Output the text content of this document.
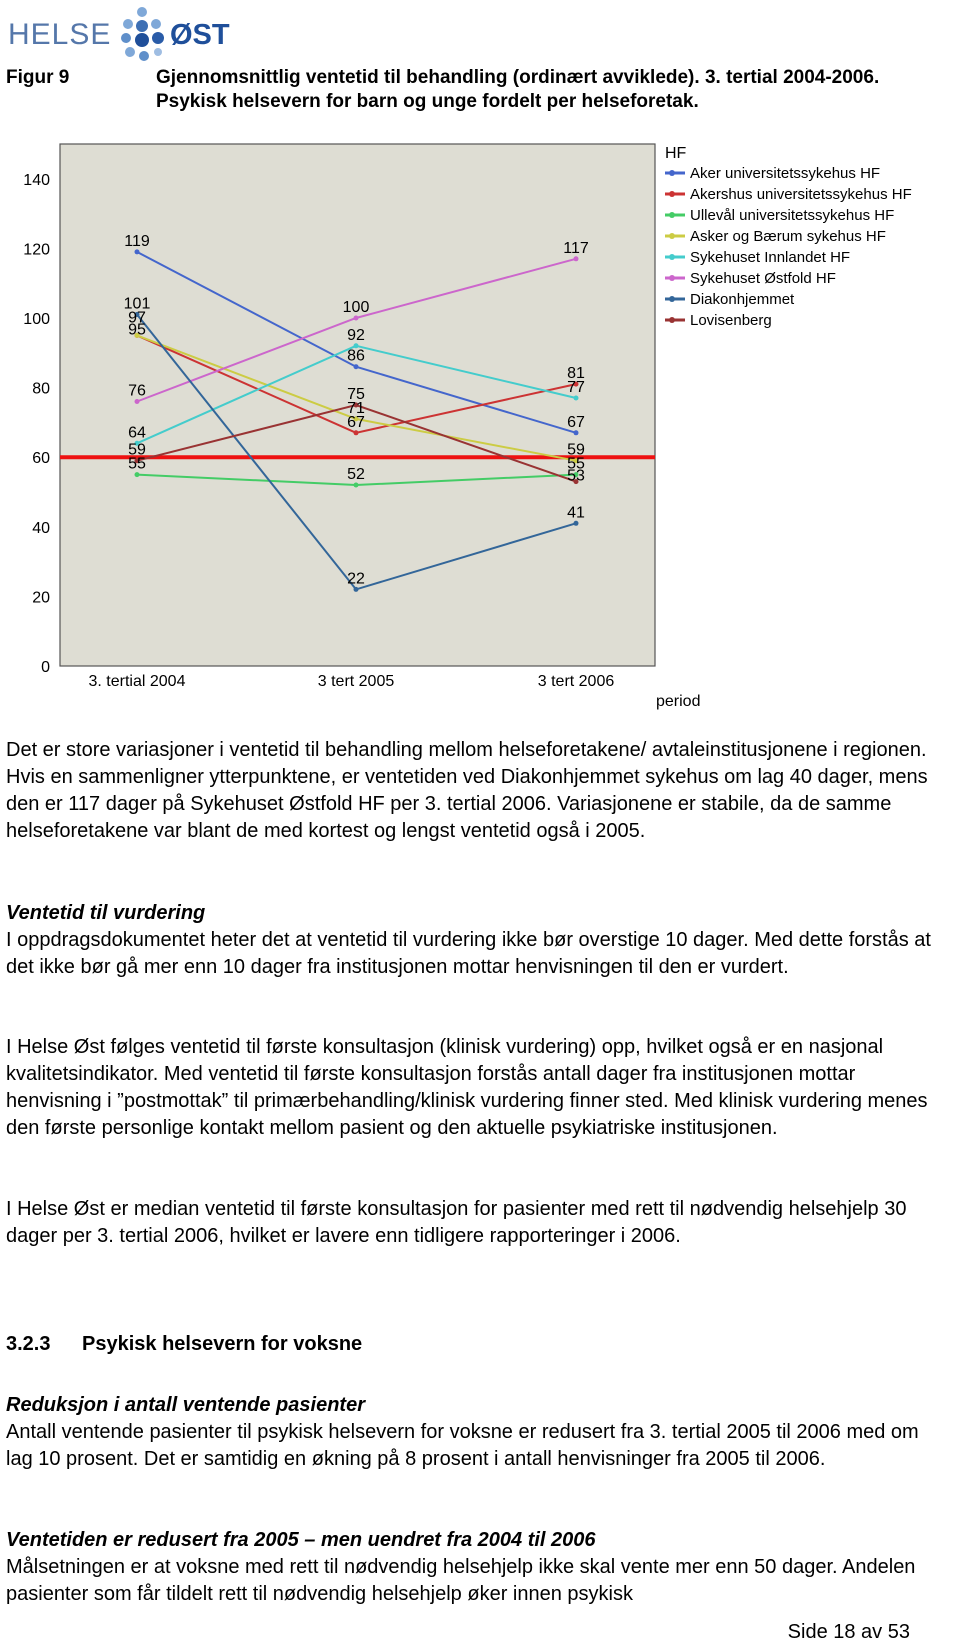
HELSE ØST
Figur 9	Gjennomsnittlig ventetid til behandling (ordinært avviklede). 3. tertial 2004-2006. Psykisk helsevern for barn og unge fordelt per helseforetak.
0
20
40
60
80
100
120
140
3. tertial 2004	3 tert 2005	3 tert 2006
period
119
101
97
95
76
64
59
55
100
92
86
75
71
67
52
22
117
81
77
67
59
55
53
41
HF
Aker universitetssykehus HF
Akershus universitetssykehus HF
Ullevål universitetssykehus HF
Asker og Bærum sykehus HF
Sykehuset Innlandet HF
Sykehuset Østfold HF
Diakonhjemmet
Lovisenberg
Det er store variasjoner i ventetid til behandling mellom helseforetakene/ avtaleinstitusjonene i regionen. Hvis en sammenligner ytterpunktene, er ventetiden ved Diakonhjemmet sykehus om lag 40 dager, mens den er 117 dager på Sykehuset Østfold HF per 3. tertial 2006. Variasjonene er stabile, da de samme helseforetakene var blant de med kortest og lengst ventetid også i 2005.
Ventetid til vurdering
I oppdragsdokumentet heter det at ventetid til vurdering ikke bør overstige 10 dager. Med dette forstås at det ikke bør gå mer enn 10 dager fra institusjonen mottar henvisningen til den er vurdert.
I Helse Øst følges ventetid til første konsultasjon (klinisk vurdering) opp, hvilket også er en nasjonal kvalitetsindikator. Med ventetid til første konsultasjon forstås antall dager fra institusjonen mottar henvisning i ”postmottak” til primærbehandling/klinisk vurdering finner sted. Med klinisk vurdering menes den første personlige kontakt mellom pasient og den aktuelle psykiatriske institusjonen.
I Helse Øst er median ventetid til første konsultasjon for pasienter med rett til nødvendig helsehjelp 30 dager per 3. tertial 2006, hvilket er lavere enn tidligere rapporteringer i 2006.
3.2.3 Psykisk helsevern for voksne
Reduksjon i antall ventende pasienter
Antall ventende pasienter til psykisk helsevern for voksne er redusert fra 3. tertial 2005 til 2006 med om lag 10 prosent. Det er samtidig en økning på 8 prosent i antall henvisninger fra 2005 til 2006.
Ventetiden er redusert fra 2005 – men uendret fra 2004 til 2006
Målsetningen er at voksne med rett til nødvendig helsehjelp ikke skal vente mer enn 50 dager. Andelen pasienter som får tildelt rett til nødvendig helsehjelp øker innen psykisk
Side 18 av 53
